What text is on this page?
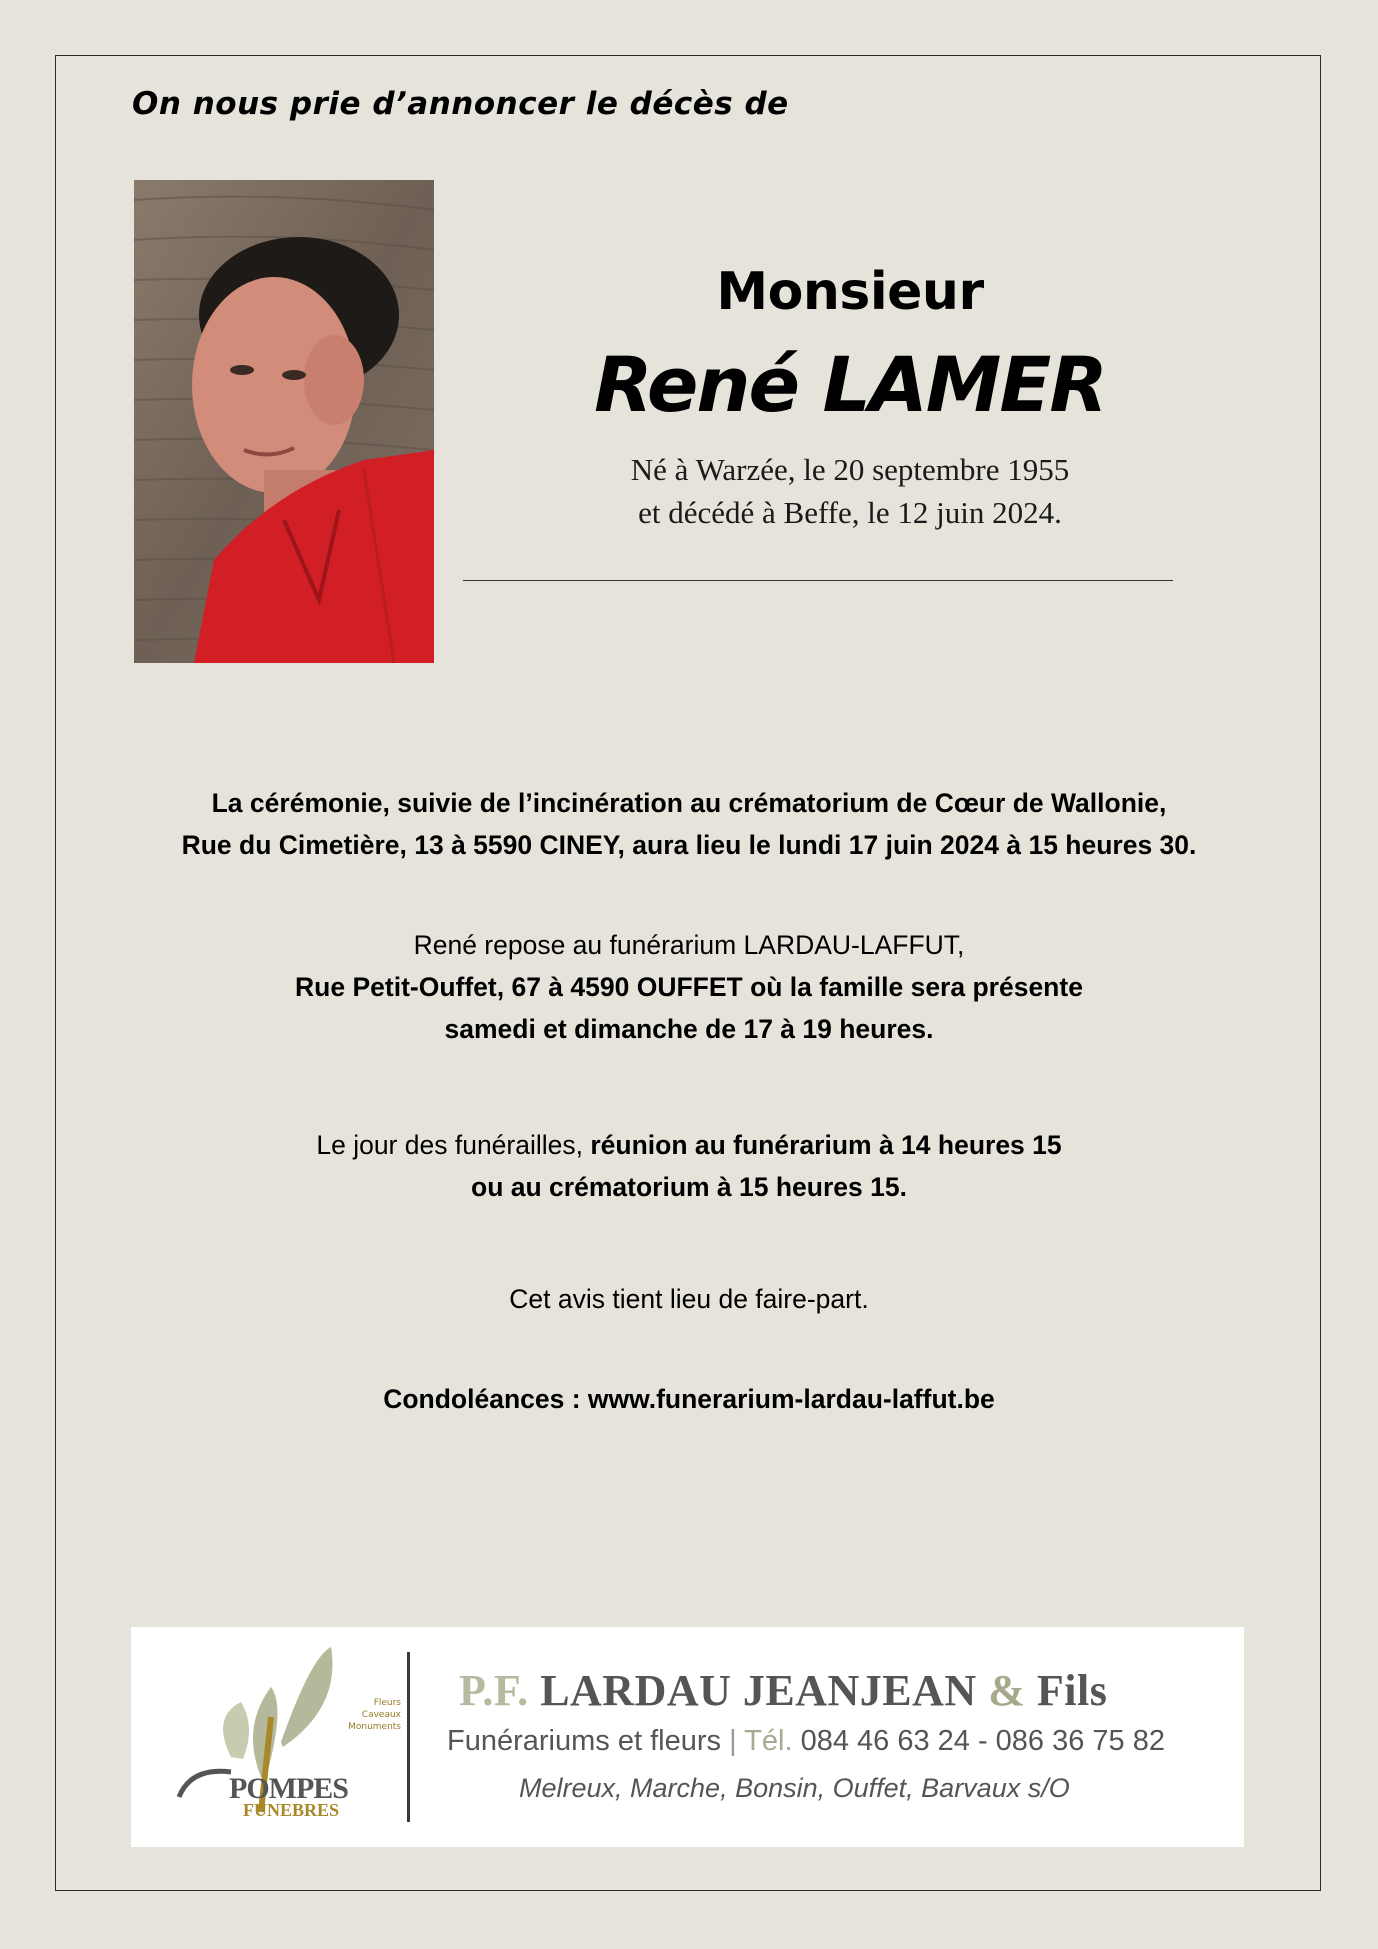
On nous prie d’annoncer le décès de
Monsieur
René LAMER
Né à Warzée, le 20 septembre 1955
et décédé à Beffe, le 12 juin 2024.
La cérémonie, suivie de l’incinération au crématorium de Cœur de Wallonie,
Rue du Cimetière, 13 à 5590 CINEY, aura lieu le lundi 17 juin 2024 à 15 heures 30.
René repose au funérarium LARDAU-LAFFUT,
Rue Petit-Ouffet, 67 à 4590 OUFFET où la famille sera présente
samedi et dimanche de 17 à 19 heures.
Le jour des funérailles, réunion au funérarium à 14 heures 15
ou au crématorium à 15 heures 15.
Cet avis tient lieu de faire-part.
Condoléances : www.funerarium-lardau-laffut.be
Fleurs
Caveaux
Monuments
POMPES
FUNEBRES
P.F. LARDAU JEANJEAN & Fils
Funérariums et fleurs | Tél. 084 46 63 24 - 086 36 75 82
Melreux, Marche, Bonsin, Ouffet, Barvaux s/O
